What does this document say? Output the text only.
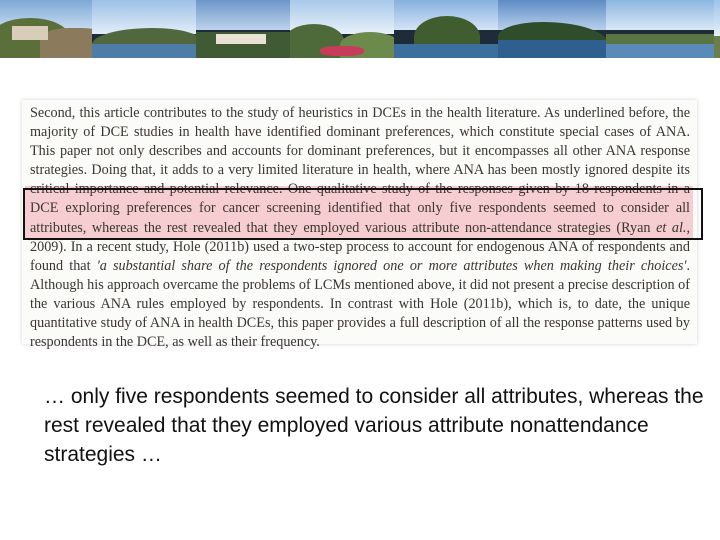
Second, this article contributes to the study of heuristics in DCEs in the health literature. As underlined before, the majority of DCE studies in health have identified dominant preferences, which constitute special cases of ANA. This paper not only describes and accounts for dominant preferences, but it encompasses all other ANA response strategies. Doing that, it adds to a very limited literature in health, where ANA has been mostly ignored despite its critical importance and potential relevance. One qualitative study of the responses given by 18 respondents in a DCE exploring preferences for cancer screening identified that only five respondents seemed to consider all attributes, whereas the rest revealed that they employed various attribute non-attendance strategies (Ryan et al., 2009). In a recent study, Hole (2011b) used a two-step process to account for endogenous ANA of respondents and found that 'a substantial share of the respondents ignored one or more attributes when making their choices'. Although his approach overcame the problems of LCMs mentioned above, it did not present a precise description of the various ANA rules employed by respondents. In contrast with Hole (2011b), which is, to date, the unique quantitative study of ANA in health DCEs, this paper provides a full description of all the response patterns used by respondents in the DCE, as well as their frequency.

… only five respondents seemed to consider all attributes, whereas the rest revealed that they employed various attribute nonattendance strategies …
